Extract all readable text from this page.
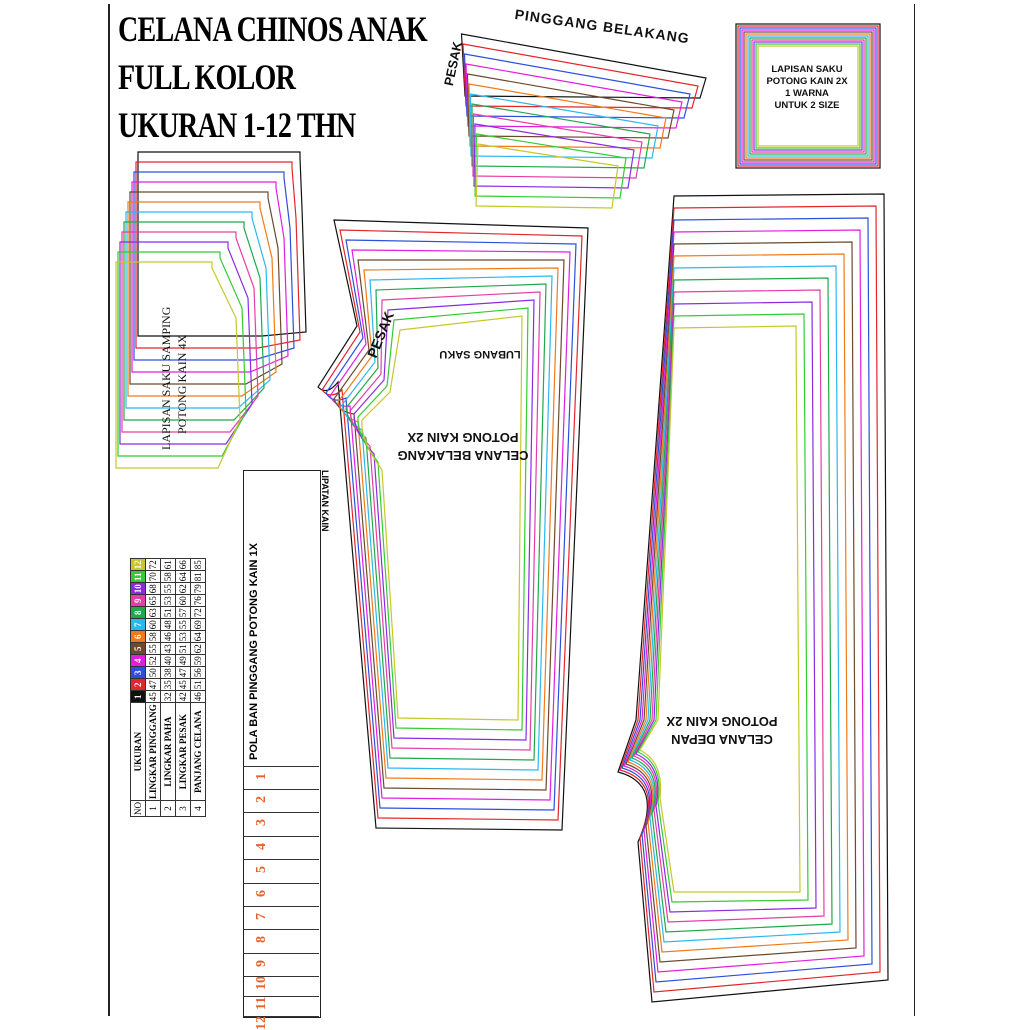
CELANA CHINOS ANAK
FULL KOLOR
UKURAN 1-12 THN
PINGGANG BELAKANG
PESAK	LAPISAN SAKU
POTONG KAIN 2X
1 WARNA
UNTUK 2 SIZE
LAPISAN SAKU SAMPING POTONG KAIN 4X
PESAK	LUBANG SAKU
CELANA BELAKANG
POTONG KAIN 2X
CELANA DEPAN
POTONG KAIN 2X
POLA BAN PINGGANG POTONG KAIN 1X
LIPATAN KAIN
1
2
3
4
5
6
7
8
9
10
11
12
NO	UKURAN	1	2	3	4	5	6	7	8	9	10	11	12
1	LINGKAR PINGGANG	45	47	50	52	55	58	60	63	65	68	70	72
2	LINGKAR PAHA	32	35	38	40	43	46	48	51	53	55	58	61
3	LINGKAR PESAK	42	45	47	49	51	53	55	57	60	62	64	66
4	PANJANG CELANA	46	51	56	59	62	64	69	72	76	79	81	85
